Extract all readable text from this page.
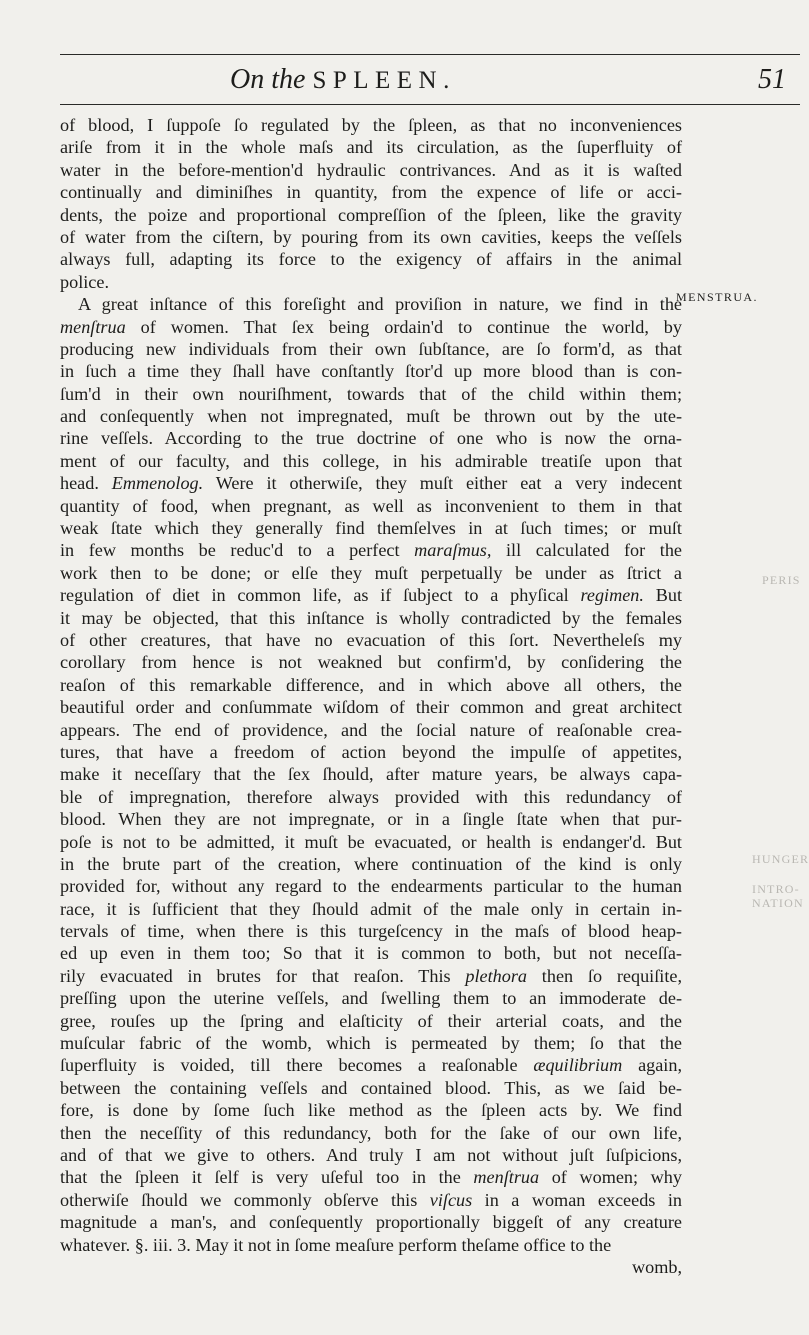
On the SPLEEN.	51
MENSTRUA.
PERIS
HUNGER
INTRO-
NATION
of blood, I ſuppoſe ſo regulated by the ſpleen, as that no inconveniences
ariſe from it in the whole maſs and its circulation, as the ſuperfluity of
water in the before-mention'd hydraulic contrivances. And as it is waſted
continually and diminiſhes in quantity, from the expence of life or acci-
dents, the poize and proportional compreſſion of the ſpleen, like the gravity
of water from the ciſtern, by pouring from its own cavities, keeps the veſſels
always full, adapting its force to the exigency of affairs in the animal
police.
A great inſtance of this foreſight and proviſion in nature, we find in the
menſtrua of women. That ſex being ordain'd to continue the world, by
producing new individuals from their own ſubſtance, are ſo form'd, as that
in ſuch a time they ſhall have conſtantly ſtor'd up more blood than is con-
ſum'd in their own nouriſhment, towards that of the child within them;
and conſequently when not impregnated, muſt be thrown out by the ute-
rine veſſels. According to the true doctrine of one who is now the orna-
ment of our faculty, and this college, in his admirable treatiſe upon that
head. Emmenolog. Were it otherwiſe, they muſt either eat a very indecent
quantity of food, when pregnant, as well as inconvenient to them in that
weak ſtate which they generally find themſelves in at ſuch times; or muſt
in few months be reduc'd to a perfect maraſmus, ill calculated for the
work then to be done; or elſe they muſt perpetually be under as ſtrict a
regulation of diet in common life, as if ſubject to a phyſical regimen. But
it may be objected, that this inſtance is wholly contradicted by the females
of other creatures, that have no evacuation of this ſort. Neverthelеſs my
corollary from hence is not weakned but confirm'd, by conſidering the
reaſon of this remarkable difference, and in which above all others, the
beautiful order and conſummate wiſdom of their common and great architect
appears. The end of providence, and the ſocial nature of reaſonable crea-
tures, that have a freedom of action beyond the impulſe of appetites,
make it neceſſary that the ſex ſhould, after mature years, be always capa-
ble of impregnation, therefore always provided with this redundancy of
blood. When they are not impregnate, or in a ſingle ſtate when that pur-
poſe is not to be admitted, it muſt be evacuated, or health is endanger'd. But
in the brute part of the creation, where continuation of the kind is only
provided for, without any regard to the endearments particular to the human
race, it is ſufficient that they ſhould admit of the male only in certain in-
tervals of time, when there is this turgeſcency in the maſs of blood heap-
ed up even in them too; So that it is common to both, but not neceſſa-
rily evacuated in brutes for that reaſon. This plethora then ſo requiſite,
preſſing upon the uterine veſſels, and ſwelling them to an immoderate de-
gree, rouſes up the ſpring and elaſticity of their arterial coats, and the
muſcular fabric of the womb, which is permeated by them; ſo that the
ſuperfluity is voided, till there becomes a reaſonable æquilibrium again,
between the containing veſſels and contained blood. This, as we ſaid be-
fore, is done by ſome ſuch like method as the ſpleen acts by. We find
then the neceſſity of this redundancy, both for the ſake of our own life,
and of that we give to others. And truly I am not without juſt ſuſpicions,
that the ſpleen it ſelf is very uſeful too in the menſtrua of women; why
otherwiſe ſhould we commonly obſerve this viſcus in a woman exceeds in
magnitude a man's, and conſequently proportionally biggeſt of any creature
whatever. §. iii. 3. May it not in ſome meaſure perform theſame office to the
womb,
